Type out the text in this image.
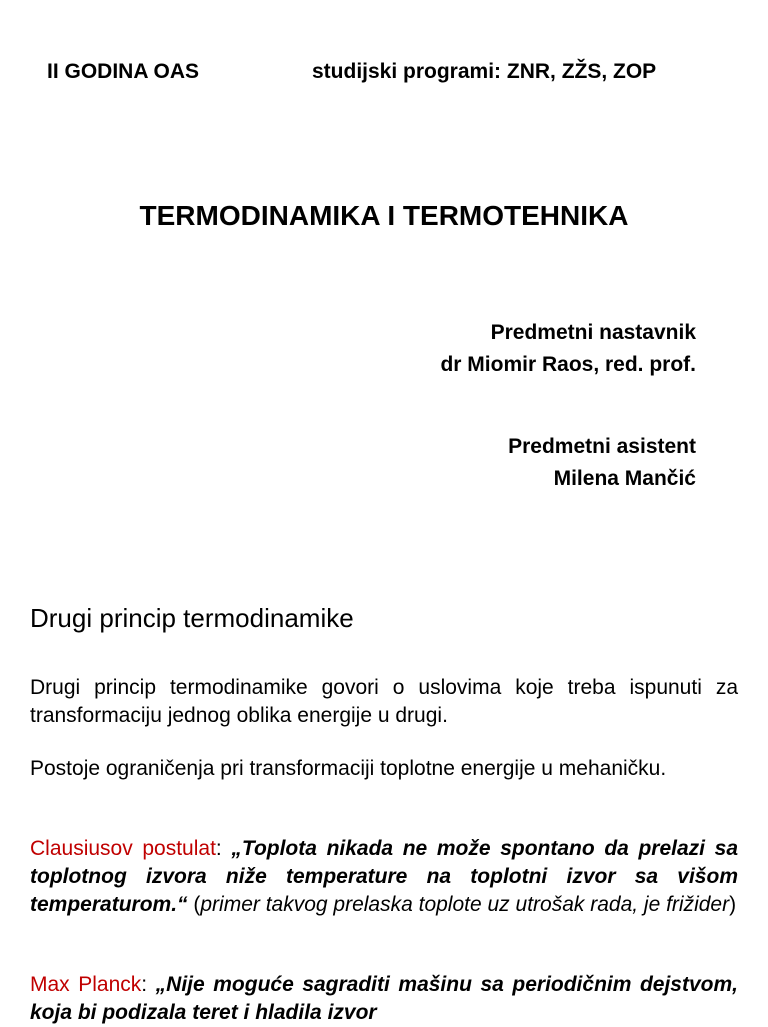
II GODINA OAS	studijski programi: ZNR, ZŽS, ZOP
TERMODINAMIKA I TERMOTEHNIKA
Predmetni nastavnik
dr Miomir Raos, red. prof.
Predmetni asistent
Milena Mančić
Drugi princip termodinamike

Drugi princip termodinamike govori o uslovima koje treba ispunuti za transformaciju jednog oblika energije u drugi.

Postoje ograničenja pri transformaciji toplotne energije u mehaničku.

Clausiusov postulat: „Toplota nikada ne može spontano da prelazi sa toplotnog izvora niže temperature na toplotni izvor sa višom temperaturom.“ (primer takvog prelaska toplote uz utrošak rada, je frižider)

Max Planck: „Nije moguće sagraditi mašinu sa periodičnim dejstvom, koja bi podizala teret i hladila izvor
